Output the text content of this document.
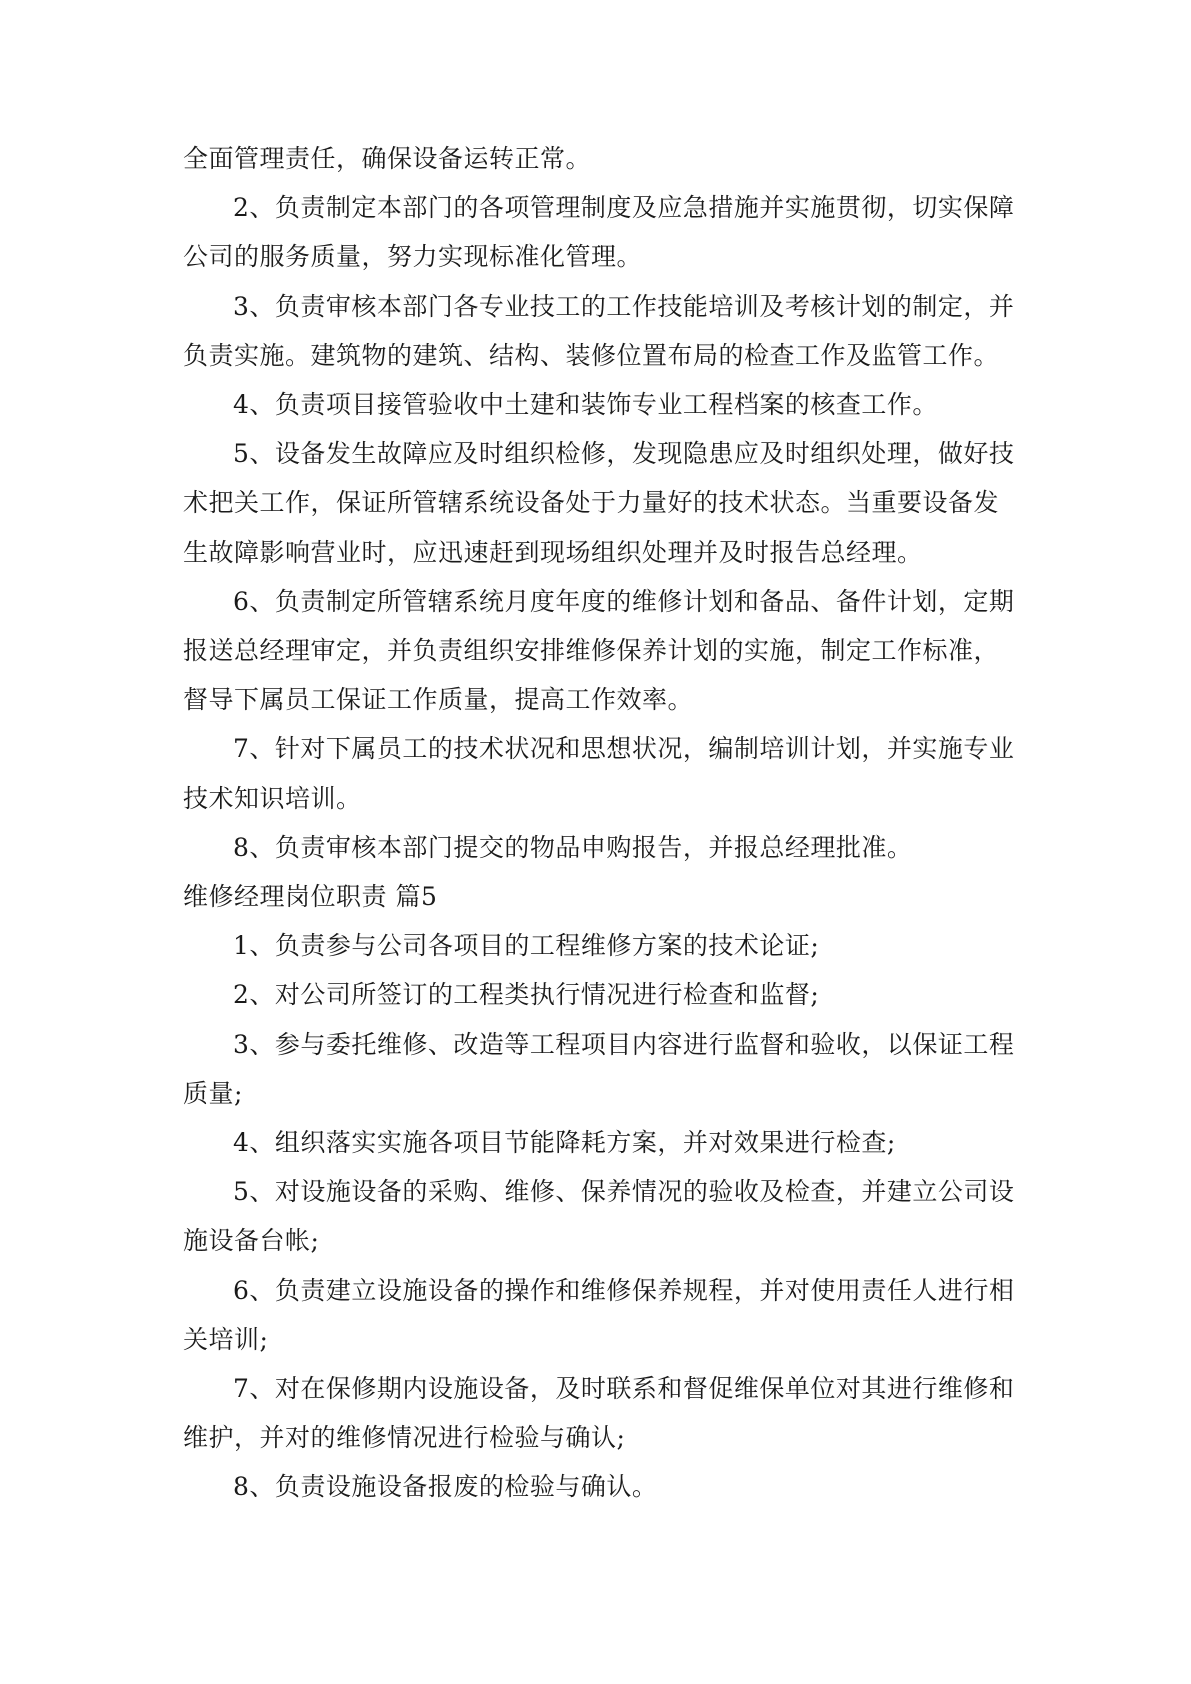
全面管理责任，确保设备运转正常。

2、负责制定本部门的各项管理制度及应急措施并实施贯彻，切实保障公司的服务质量，努力实现标准化管理。

3、负责审核本部门各专业技工的工作技能培训及考核计划的制定，并负责实施。建筑物的建筑、结构、装修位置布局的检查工作及监管工作。

4、负责项目接管验收中土建和装饰专业工程档案的核查工作。

5、设备发生故障应及时组织检修，发现隐患应及时组织处理，做好技术把关工作，保证所管辖系统设备处于力量好的技术状态。当重要设备发生故障影响营业时，应迅速赶到现场组织处理并及时报告总经理。

6、负责制定所管辖系统月度年度的维修计划和备品、备件计划，定期报送总经理审定，并负责组织安排维修保养计划的实施，制定工作标准，督导下属员工保证工作质量，提高工作效率。

7、针对下属员工的技术状况和思想状况，编制培训计划，并实施专业技术知识培训。

8、负责审核本部门提交的物品申购报告，并报总经理批准。

维修经理岗位职责 篇5

1、负责参与公司各项目的工程维修方案的技术论证;

2、对公司所签订的工程类执行情况进行检查和监督;

3、参与委托维修、改造等工程项目内容进行监督和验收，以保证工程质量;

4、组织落实实施各项目节能降耗方案，并对效果进行检查;

5、对设施设备的采购、维修、保养情况的验收及检查，并建立公司设施设备台帐;

6、负责建立设施设备的操作和维修保养规程，并对使用责任人进行相关培训;

7、对在保修期内设施设备，及时联系和督促维保单位对其进行维修和维护，并对的维修情况进行检验与确认;

8、负责设施设备报废的检验与确认。
